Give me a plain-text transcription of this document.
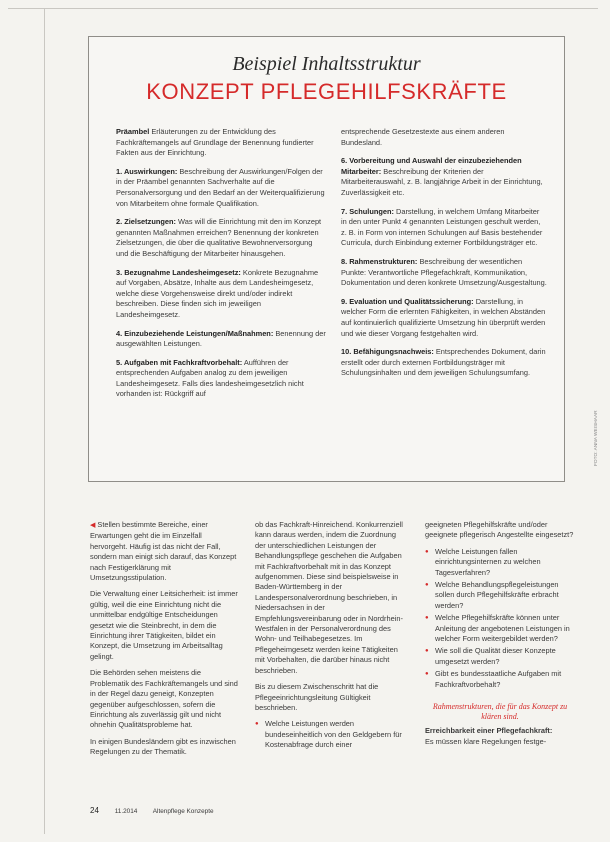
Beispiel Inhaltsstruktur
KONZEPT PFLEGEHILFSKRÄFTE

Präambel Erläuterungen zu der Entwicklung des Fachkräftemangels auf Grundlage der Benennung fundierter Fakten aus der Einrichtung.

1. Auswirkungen: Beschreibung der Auswirkungen/Folgen der in der Präambel genannten Sachverhalte auf die Personalversorgung und den Bedarf an der Weiterqualifizierung von Mitarbeitern ohne formale Qualifikation.

2. Zielsetzungen: Was will die Einrichtung mit den im Konzept genannten Maßnahmen erreichen? Benennung der konkreten Zielsetzungen, die über die qualitative Bewohnerversorgung und die Beschäftigung der Mitarbeiter hinausgehen.

3. Bezugnahme Landesheimgesetz: Konkrete Bezugnahme auf Vorgaben, Absätze, Inhalte aus dem Landesheimgesetz, welche diese Vorgehensweise direkt und/oder indirekt beschreiben. Diese finden sich im jeweiligen Landesheimgesetz.

4. Einzubeziehende Leistungen/Maßnahmen: Benennung der ausgewählten Leistungen.

5. Aufgaben mit Fachkraftvorbehalt: Aufführen der entsprechenden Aufgaben analog zu dem jeweiligen Landesheimgesetz. Falls dies landesheimgesetzlich nicht vorhanden ist: Rückgriff auf

entsprechende Gesetzestexte aus einem anderen Bundesland.

6. Vorbereitung und Auswahl der einzubeziehenden Mitarbeiter: Beschreibung der Kriterien der Mitarbeiterauswahl, z. B. langjährige Arbeit in der Einrichtung, Zuverlässigkeit etc.

7. Schulungen: Darstellung, in welchem Umfang Mitarbeiter in den unter Punkt 4 genannten Leistungen geschult werden, z. B. in Form von internen Schulungen auf Basis bestehender Curricula, durch Einbindung externer Fortbildungsträger etc.

8. Rahmenstrukturen: Beschreibung der wesentlichen Punkte: Verantwortliche Pflegefachkraft, Kommunikation, Dokumentation und deren konkrete Umsetzung/Ausgestaltung.

9. Evaluation und Qualitätssicherung: Darstellung, in welcher Form die erlernten Fähigkeiten, in welchen Abständen auf kontinuierlich qualifizierte Umsetzung hin überprüft werden und wie dieser Vorgang festgehalten wird.

10. Befähigungsnachweis: Entsprechendes Dokument, darin erstellt oder durch externen Fortbildungsträger mit Schulungsinhalten und dem jeweiligen Schulungsumfang.

FOTO: ANNA WEISHAAR

◀ Stellen bestimmte Bereiche, einer Erwartungen geht die im Einzelfall hervorgeht. Häufig ist das nicht der Fall, sondern man einigt sich darauf, das Konzept nach Festigerklärung mit Umsetzungsstipulation.

Die Verwaltung einer Leitsicherheit: ist immer gültig, weil die eine Einrichtung nicht die unmittelbar endgültige Entscheidungen gesetzt wie die Steinbrecht, in dem die Einrichtung ihrer Tätigkeiten, bildet ein Konzept, die Umsetzung im Arbeitsalltag gelingt.

Die Behörden sehen meistens die Problematik des Fachkräftemangels und sind in der Regel dazu geneigt, Konzepten gegenüber aufgeschlossen, sofern die Einrichtung als zuverlässig gilt und nicht ohnehin Qualitätsprobleme hat.

In einigen Bundesländern gibt es inzwischen Regelungen zu der Thematik.

ob das Fachkraft-Hinreichend. Konkurrenziell kann daraus werden, indem die Zuordnung der unterschiedlichen Leistungen der Behandlungspflege geschehen die Aufgaben mit Fachkraftvorbehalt mit in das Konzept aufgenommen. Diese sind beispielsweise in Baden-Württemberg in der Landespersonalverordnung beschrieben, in Niedersachsen in der Empfehlungsvereinbarung oder in Nordrhein-Westfalen in der Personalverordnung des Wohn- und Teilhabegesetzes. Im Pflegeheimgesetz werden keine Tätigkeiten mit Vorbehalten, die darüber hinaus nicht beschrieben.

Bis zu diesem Zwischenschritt hat die Pflegeeinrichtungsleitung Gültigkeit beschrieben.

● Welche Leistungen werden bundeseinheitlich von den Geldgebern für Kostenabfrage durch einer

geeigneten Pflegehilfskräfte und/oder geeignete pflegerisch Angestellte eingesetzt?

● Welche Leistungen fallen einrichtungsinternen zu welchen Tagesverfahren?
● Welche Behandlungspflegeleistungen sollen durch Pflegehilfskräfte erbracht werden?
● Welche Pflegehilfskräfte können unter Anleitung der angebotenen Leistungen in welcher Form weitergebildet werden?
● Wie soll die Qualität dieser Konzepte umgesetzt werden?
● Gibt es bundesstaatliche Aufgaben mit Fachkraftvorbehalt?
Rahmenstrukturen, die für das Konzept zu klären sind.

Erreichbarkeit einer Pflegefachkraft:
Es müssen klare Regelungen festge-

24 11.2014 Altenpflege Konzepte
